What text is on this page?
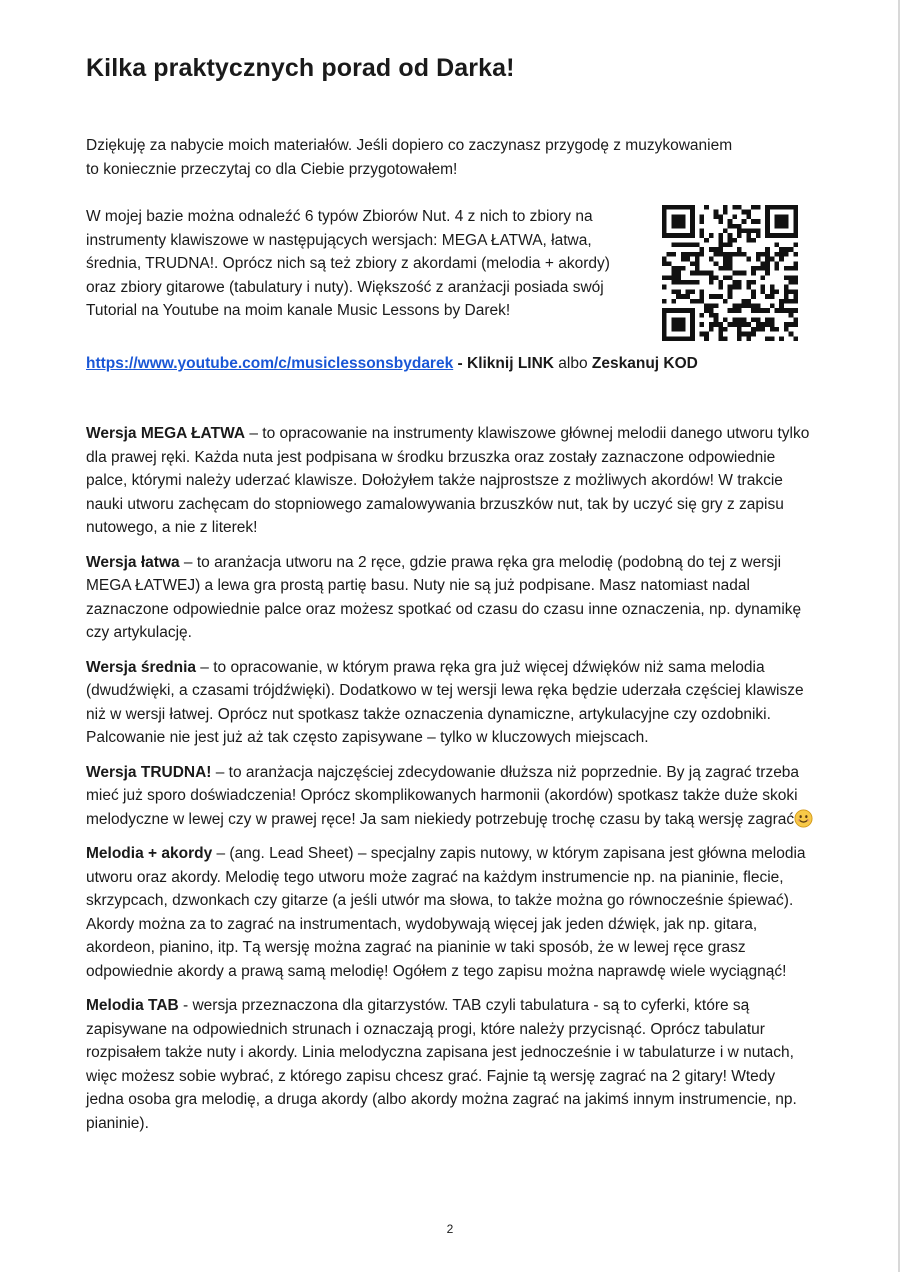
Kilka praktycznych porad od Darka!

Dziękuję za nabycie moich materiałów. Jeśli dopiero co zaczynasz przygodę z muzykowaniem to koniecznie przeczytaj co dla Ciebie przygotowałem!

W mojej bazie można odnaleźć 6 typów Zbiorów Nut. 4 z nich to zbiory na instrumenty klawiszowe w następujących wersjach: MEGA ŁATWA, łatwa, średnia, TRUDNA!. Oprócz nich są też zbiory z akordami (melodia + akordy) oraz zbiory gitarowe (tabulatury i nuty). Większość z aranżacji posiada swój Tutorial na Youtube na moim kanale Music Lessons by Darek!

https://www.youtube.com/c/musiclessonsbydarek - Kliknij LINK albo Zeskanuj KOD

Wersja MEGA ŁATWA – to opracowanie na instrumenty klawiszowe głównej melodii danego utworu tylko dla prawej ręki. Każda nuta jest podpisana w środku brzuszka oraz zostały zaznaczone odpowiednie palce, którymi należy uderzać klawisze. Dołożyłem także najprostsze z możliwych akordów! W trakcie nauki utworu zachęcam do stopniowego zamalowywania brzuszków nut, tak by uczyć się gry z zapisu nutowego, a nie z literek!

Wersja łatwa – to aranżacja utworu na 2 ręce, gdzie prawa ręka gra melodię (podobną do tej z wersji MEGA ŁATWEJ) a lewa gra prostą partię basu. Nuty nie są już podpisane. Masz natomiast nadal zaznaczone odpowiednie palce oraz możesz spotkać od czasu do czasu inne oznaczenia, np. dynamikę czy artykulację.

Wersja średnia – to opracowanie, w którym prawa ręka gra już więcej dźwięków niż sama melodia (dwudźwięki, a czasami trójdźwięki). Dodatkowo w tej wersji lewa ręka będzie uderzała częściej klawisze niż w wersji łatwej. Oprócz nut spotkasz także oznaczenia dynamiczne, artykulacyjne czy ozdobniki. Palcowanie nie jest już aż tak często zapisywane – tylko w kluczowych miejscach.

Wersja TRUDNA! – to aranżacja najczęściej zdecydowanie dłuższa niż poprzednie. By ją zagrać trzeba mieć już sporo doświadczenia! Oprócz skomplikowanych harmonii (akordów) spotkasz także duże skoki melodyczne w lewej czy w prawej ręce! Ja sam niekiedy potrzebuję trochę czasu by taką wersję zagrać

Melodia + akordy – (ang. Lead Sheet) – specjalny zapis nutowy, w którym zapisana jest główna melodia utworu oraz akordy. Melodię tego utworu może zagrać na każdym instrumencie np. na pianinie, flecie, skrzypcach, dzwonkach czy gitarze (a jeśli utwór ma słowa, to także można go równocześnie śpiewać). Akordy można za to zagrać na instrumentach, wydobywają więcej jak jeden dźwięk, jak np. gitara, akordeon, pianino, itp. Tą wersję można zagrać na pianinie w taki sposób, że w lewej ręce grasz odpowiednie akordy a prawą samą melodię! Ogółem z tego zapisu można naprawdę wiele wyciągnąć!

Melodia TAB - wersja przeznaczona dla gitarzystów. TAB czyli tabulatura - są to cyferki, które są zapisywane na odpowiednich strunach i oznaczają progi, które należy przycisnąć. Oprócz tabulatur rozpisałem także nuty i akordy. Linia melodyczna zapisana jest jednocześnie i w tabulaturze i w nutach, więc możesz sobie wybrać, z którego zapisu chcesz grać. Fajnie tą wersję zagrać na 2 gitary! Wtedy jedna osoba gra melodię, a druga akordy (albo akordy można zagrać na jakimś innym instrumencie, np. pianinie).

2
